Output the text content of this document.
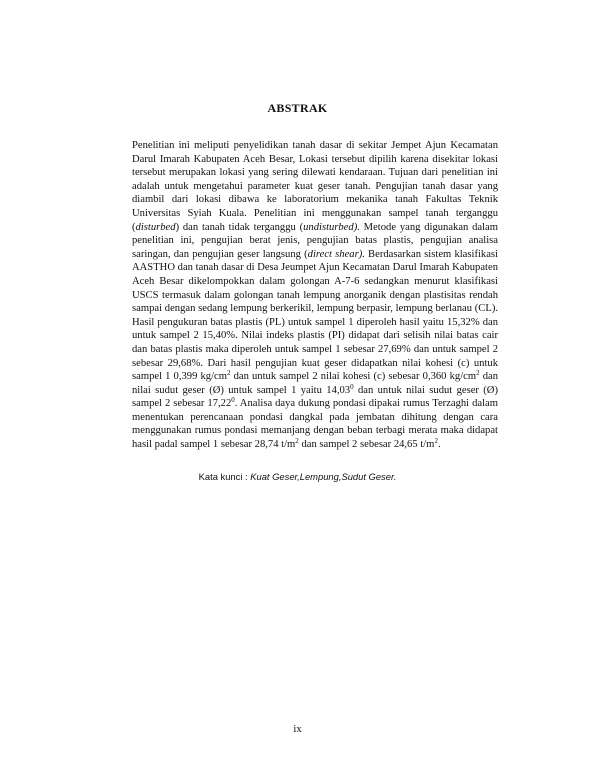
ABSTRAK

Penelitian ini meliputi penyelidikan tanah dasar di sekitar Jempet Ajun Kecamatan Darul Imarah Kabupaten Aceh Besar, Lokasi tersebut dipilih karena disekitar lokasi tersebut merupakan lokasi yang sering dilewati kendaraan. Tujuan dari penelitian ini adalah untuk mengetahui parameter kuat geser tanah. Pengujian tanah dasar yang diambil dari lokasi dibawa ke laboratorium mekanika tanah Fakultas Teknik Universitas Syiah Kuala. Penelitian ini menggunakan sampel tanah terganggu (disturbed) dan tanah tidak terganggu (undisturbed). Metode yang digunakan dalam penelitian ini, pengujian berat jenis, pengujian batas plastis, pengujian analisa saringan, dan pengujian geser langsung (direct shear). Berdasarkan sistem klasifikasi AASTHO dan tanah dasar di Desa Jeumpet Ajun Kecamatan Darul Imarah Kabupaten Aceh Besar dikelompokkan dalam golongan A-7-6 sedangkan menurut klasifikasi USCS termasuk dalam golongan tanah lempung anorganik dengan plastisitas rendah sampai dengan sedang lempung berkerikil, lempung berpasir, lempung berlanau (CL). Hasil pengukuran batas plastis (PL) untuk sampel 1 diperoleh hasil yaitu 15,32% dan untuk sampel 2 15,40%. Nilai indeks plastis (PI) didapat dari selisih nilai batas cair dan batas plastis maka diperoleh untuk sampel 1 sebesar 27,69% dan untuk sampel 2 sebesar 29,68%. Dari hasil pengujian kuat geser didapatkan nilai kohesi (c) untuk sampel 1 0,399 $kg/cm^2$ dan untuk sampel 2 nilai kohesi (c) sebesar 0,360 $kg/cm^2$ dan nilai sudut geser (Ø) untuk sampel 1 yaitu 14,03$^0$ dan untuk nilai sudut geser (Ø) sampel 2 sebesar 17,22$^0$. Analisa daya dukung pondasi dipakai rumus Terzaghi dalam menentukan perencanaan pondasi dangkal pada jembatan dihitung dengan cara menggunakan rumus pondasi memanjang dengan beban terbagi merata maka didapat hasil padal sampel 1 sebesar 28,74 $t/m^2$ dan sampel 2 sebesar 24,65 $t/m^2$.

Kata kunci : Kuat Geser,Lempung,Sudut Geser.
ix
